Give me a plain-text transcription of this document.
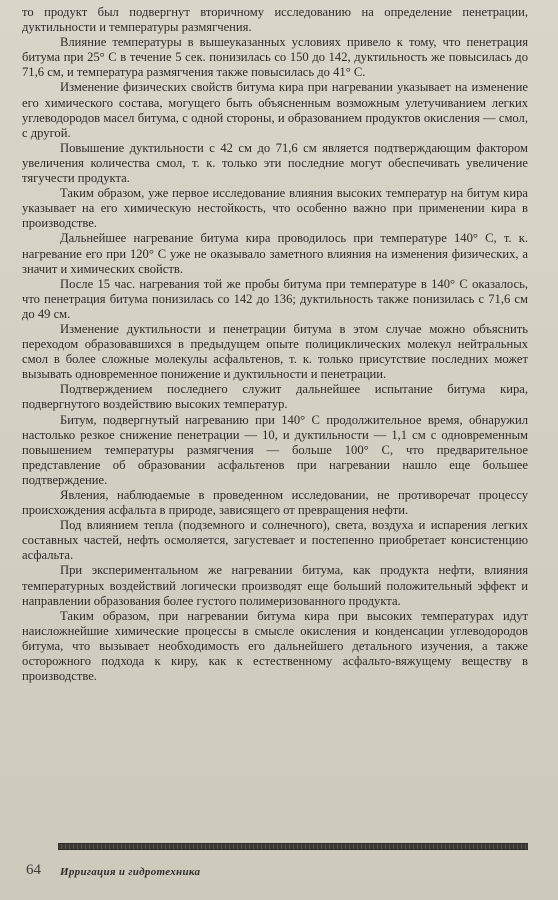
то продукт был подвергнут вторичному исследованию на определение пенетрации, дуктильности и температуры размягчения.

Влияние температуры в вышеуказанных условиях привело к тому, что пенетрация битума при 25° С в течение 5 сек. понизилась со 150 до 142, дуктильность же повысилась до 71,6 см, и температура размягчения также повысилась до 41° С.

Изменение физических свойств битума кира при нагревании указывает на изменение его химического состава, могущего быть объясненным возможным улетучиванием легких углеводородов масел битума, с одной стороны, и образованием продуктов окисления — смол, с другой.

Повышение дуктильности с 42 см до 71,6 см является подтверждающим фактором увеличения количества смол, т. к. только эти последние могут обеспечивать увеличение тягучести продукта.

Таким образом, уже первое исследование влияния высоких температур на битум кира указывает на его химическую нестойкость, что особенно важно при применении кира в производстве.

Дальнейшее нагревание битума кира проводилось при температуре 140° С, т. к. нагревание его при 120° С уже не оказывало заметного влияния на изменения физических, а значит и химических свойств.

После 15 час. нагревания той же пробы битума при температуре в 140° С оказалось, что пенетрация битума понизилась со 142 до 136; дуктильность также понизилась с 71,6 см до 49 см.

Изменение дуктильности и пенетрации битума в этом случае можно объяснить переходом образовавшихся в предыдущем опыте полициклических молекул нейтральных смол в более сложные молекулы асфальтенов, т. к. только присутствие последних может вызывать одновременное понижение и дуктильности и пенетрации.

Подтверждением последнего служит дальнейшее испытание битума кира, подвергнутого воздействию высоких температур.

Битум, подвергнутый нагреванию при 140° С продолжительное время, обнаружил настолько резкое снижение пенетрации — 10, и дуктильности — 1,1 см с одновременным повышением температуры размягчения — больше 100° С, что предварительное представление об образовании асфальтенов при нагревании нашло еще большее подтверждение.

Явления, наблюдаемые в проведенном исследовании, не противоречат процессу происхождения асфальта в природе, зависящего от превращения нефти.

Под влиянием тепла (подземного и солнечного), света, воздуха и испарения легких составных частей, нефть осмоляется, загустевает и постепенно приобретает консистенцию асфальта.

При экспериментальном же нагревании битума, как продукта нефти, влияния температурных воздействий логически производят еще больший положительный эффект и направлении образования более густого полимеризованного продукта.

Таким образом, при нагревании битума кира при высоких температурах идут наисложнейшие химические процессы в смысле окисления и конденсации углеводородов битума, что вызывает необходимость его дальнейшего детального изучения, а также осторожного подхода к киру, как к естественному асфальто-вяжущему веществу в производстве.

64 Ирригация и гидротехника
